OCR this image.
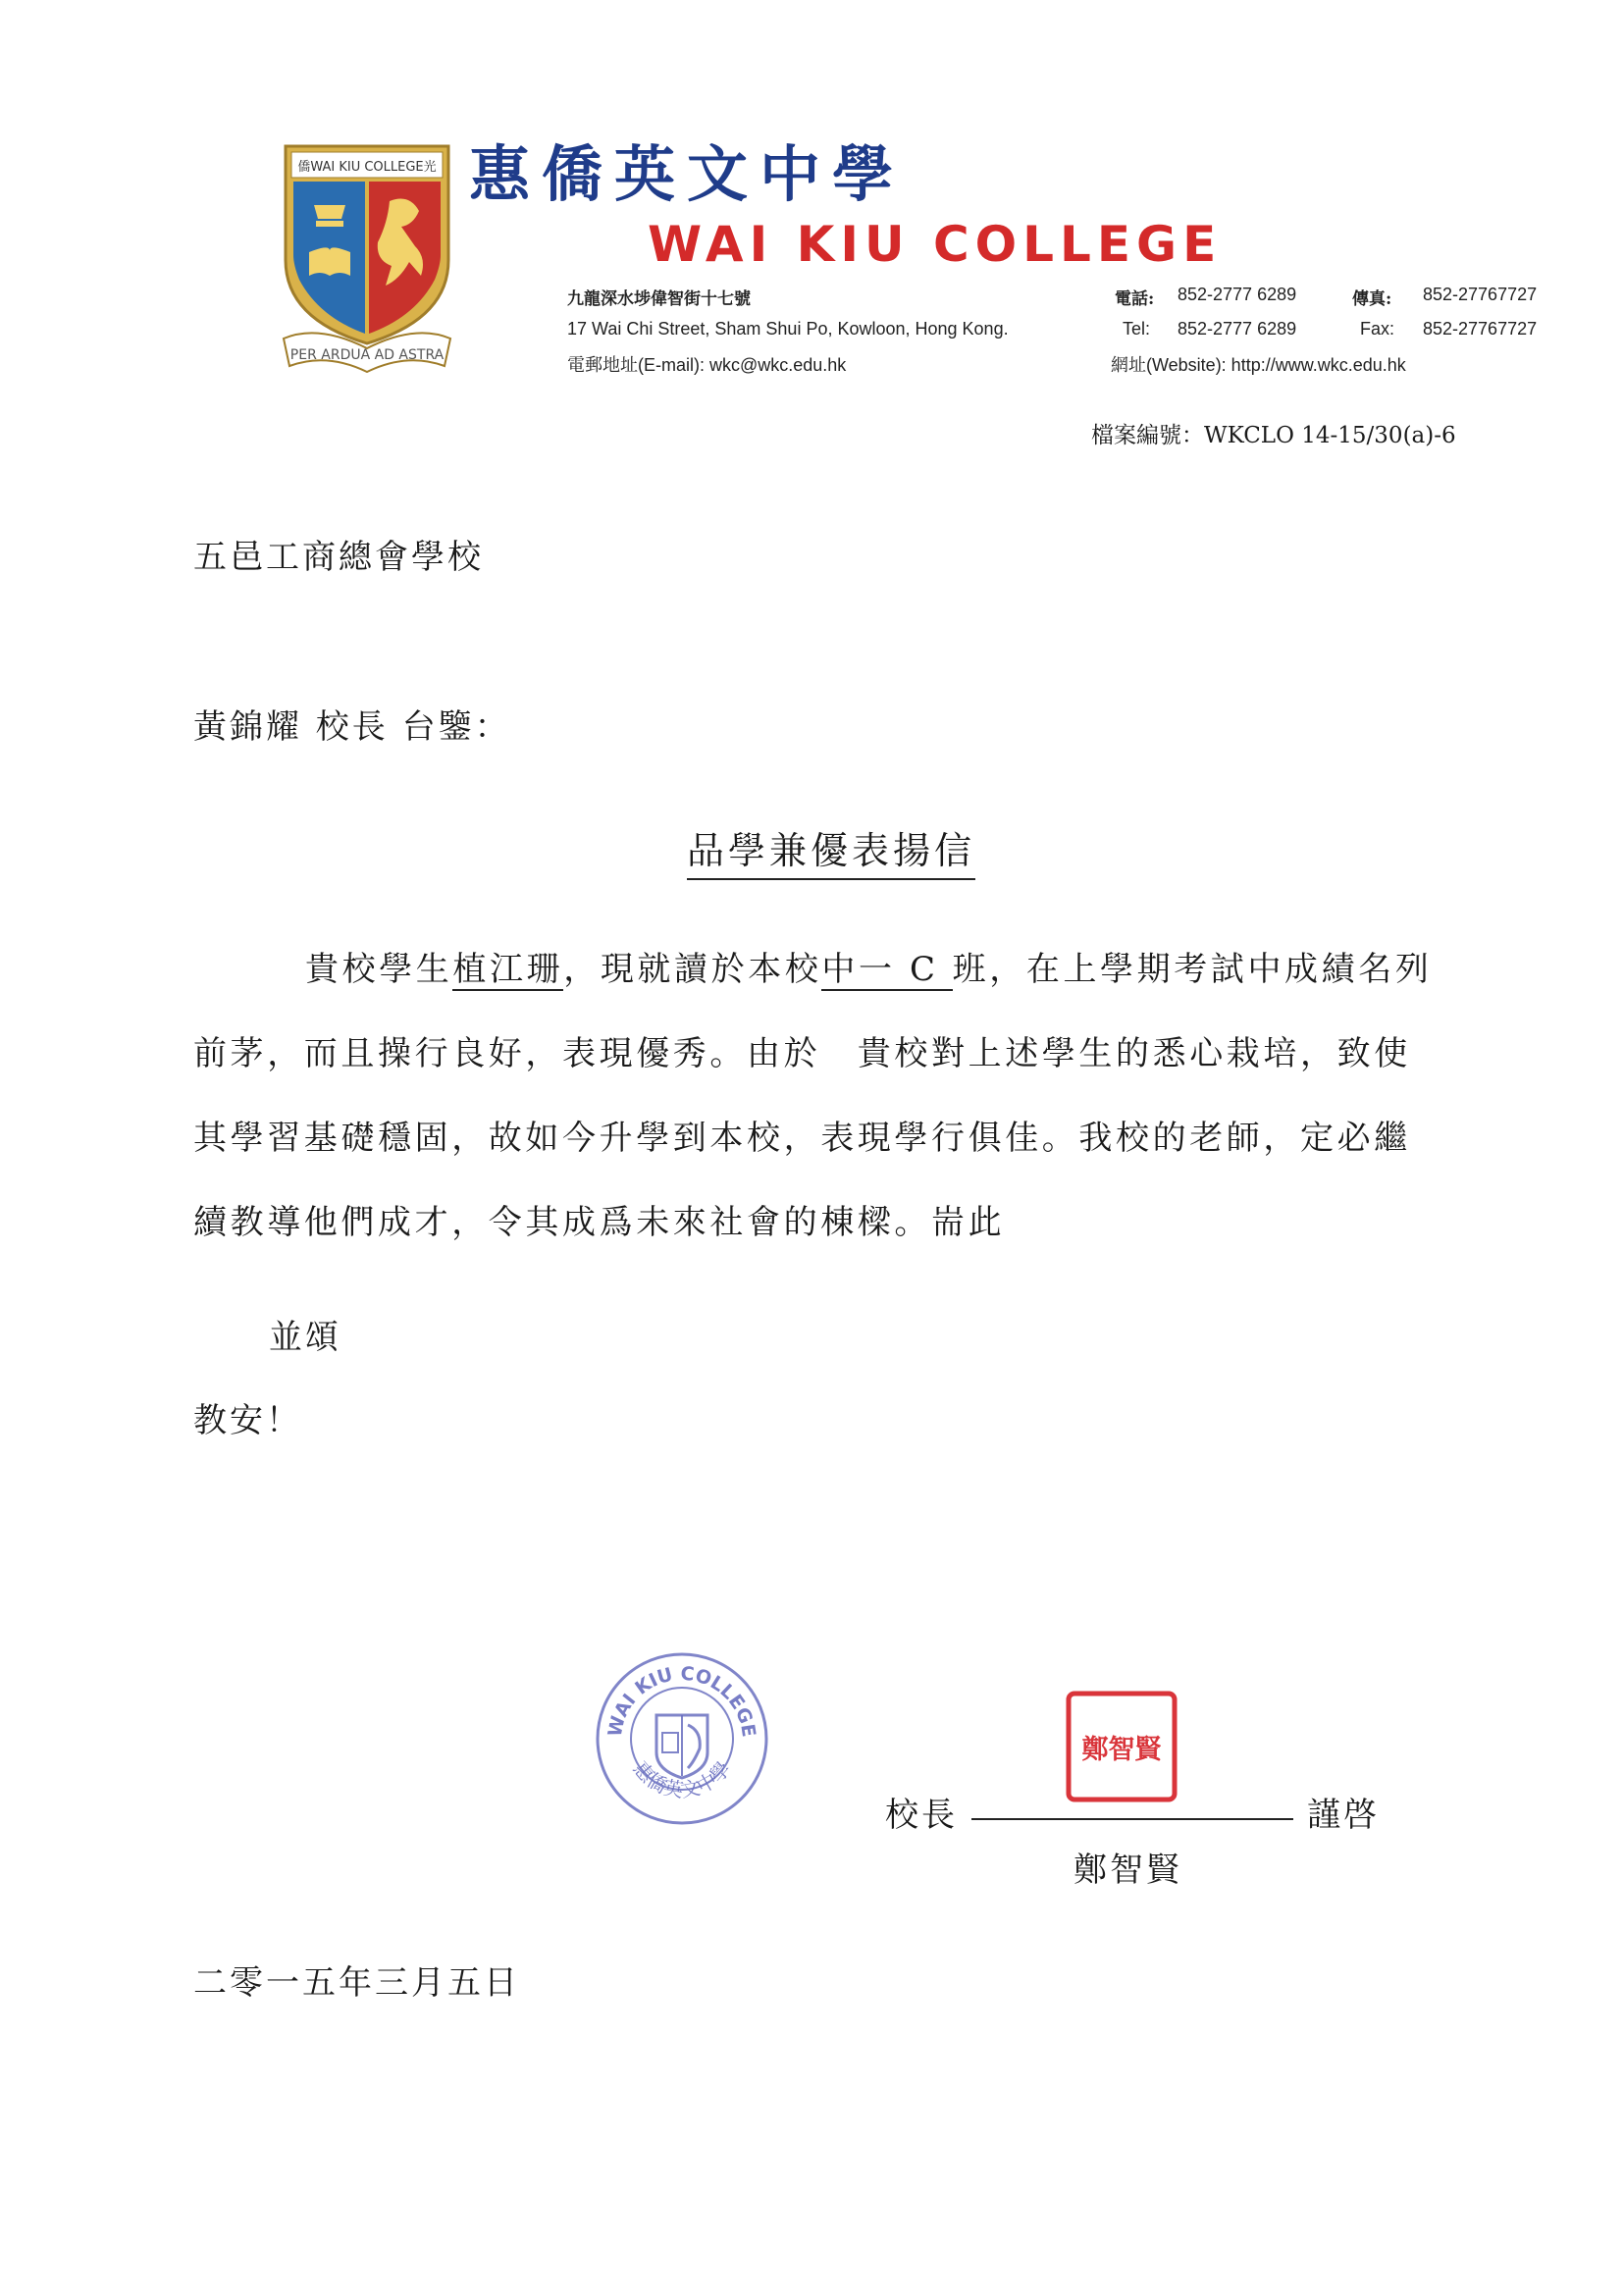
僑WAI KIU COLLEGE光
PER ARDUA AD ASTRA
惠僑英文中學
WAI KIU COLLEGE
九龍深水埗偉智街十七號
17 Wai Chi Street, Sham Shui Po, Kowloon, Hong Kong.
電郵地址(E-mail): wkc@wkc.edu.hk
電話: 852-2777 6289	傳真: 852-27767727
Tel: 852-2777 6289	Fax: 852-27767727
網址(Website): http://www.wkc.edu.hk
檔案編號：WKCLO 14-15/30(a)-6
五邑工商總會學校
黃錦耀 校長 台鑒：
品學兼優表揚信
貴校學生植江珊，現就讀於本校中一 C 班，在上學期考試中成績名列
前茅，而且操行良好，表現優秀。由於　貴校對上述學生的悉心栽培，致使
其學習基礎穩固，故如今升學到本校，表現學行俱佳。我校的老師，定必繼
續教導他們成才，令其成爲未來社會的棟樑。耑此
並頌
教安！
WAI KIU COLLEGE
惠僑英文中學
鄭智賢
校長	謹啓
鄭智賢
二零一五年三月五日
